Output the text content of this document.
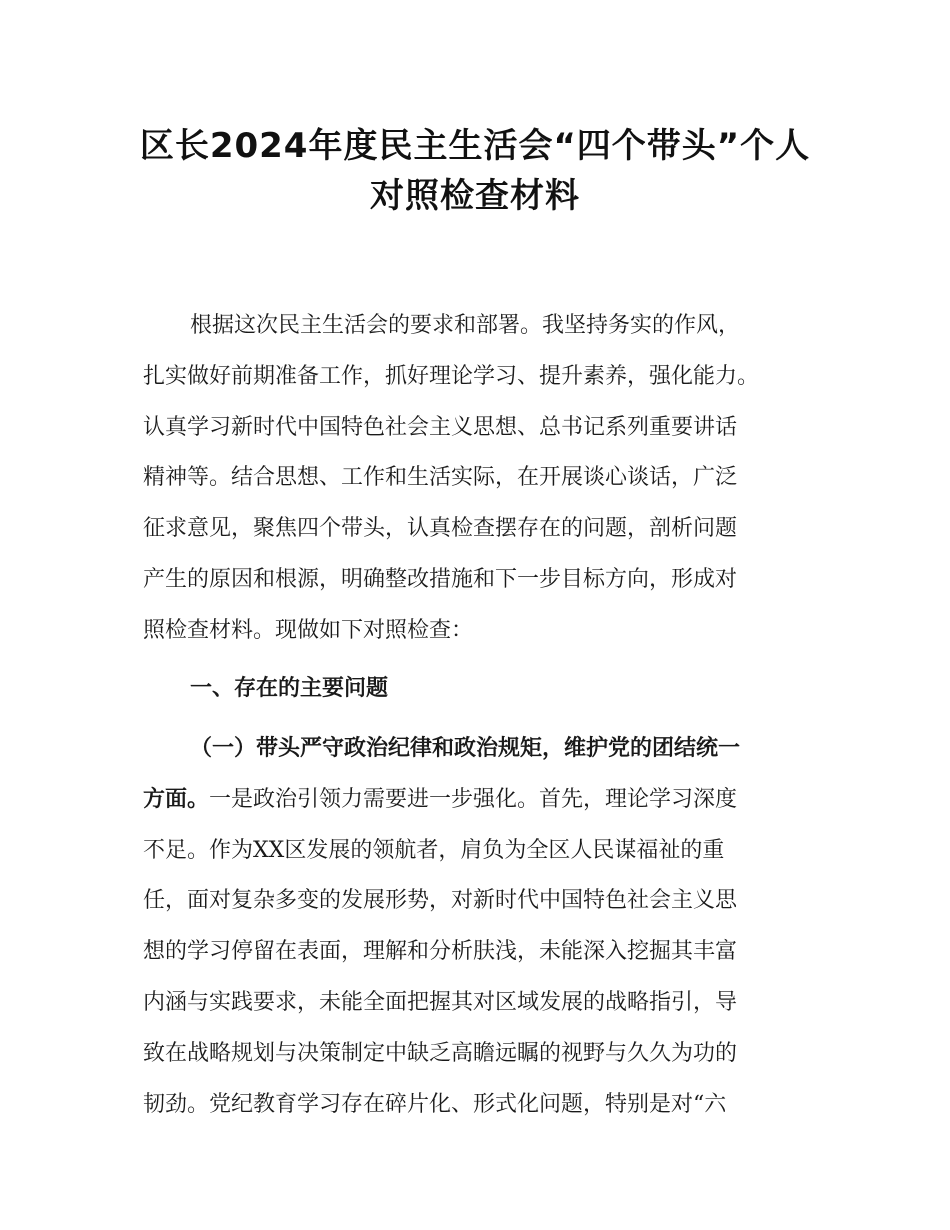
区长2024年度民主生活会“四个带头”个人
对照检查材料
根据这次民主生活会的要求和部署。我坚持务实的作风，
扎实做好前期准备工作，抓好理论学习、提升素养，强化能力。
认真学习新时代中国特色社会主义思想、总书记系列重要讲话
精神等。结合思想、工作和生活实际，在开展谈心谈话，广泛
征求意见，聚焦四个带头，认真检查摆存在的问题，剖析问题
产生的原因和根源，明确整改措施和下一步目标方向，形成对
照检查材料。现做如下对照检查：
一、存在的主要问题
（一）带头严守政治纪律和政治规矩，维护党的团结统一
方面。一是政治引领力需要进一步强化。首先，理论学习深度
不足。作为XX区发展的领航者，肩负为全区人民谋福祉的重
任，面对复杂多变的发展形势，对新时代中国特色社会主义思
想的学习停留在表面，理解和分析肤浅，未能深入挖掘其丰富
内涵与实践要求，未能全面把握其对区域发展的战略指引，导
致在战略规划与决策制定中缺乏高瞻远瞩的视野与久久为功的
韧劲。党纪教育学习存在碎片化、形式化问题，特别是对“六
